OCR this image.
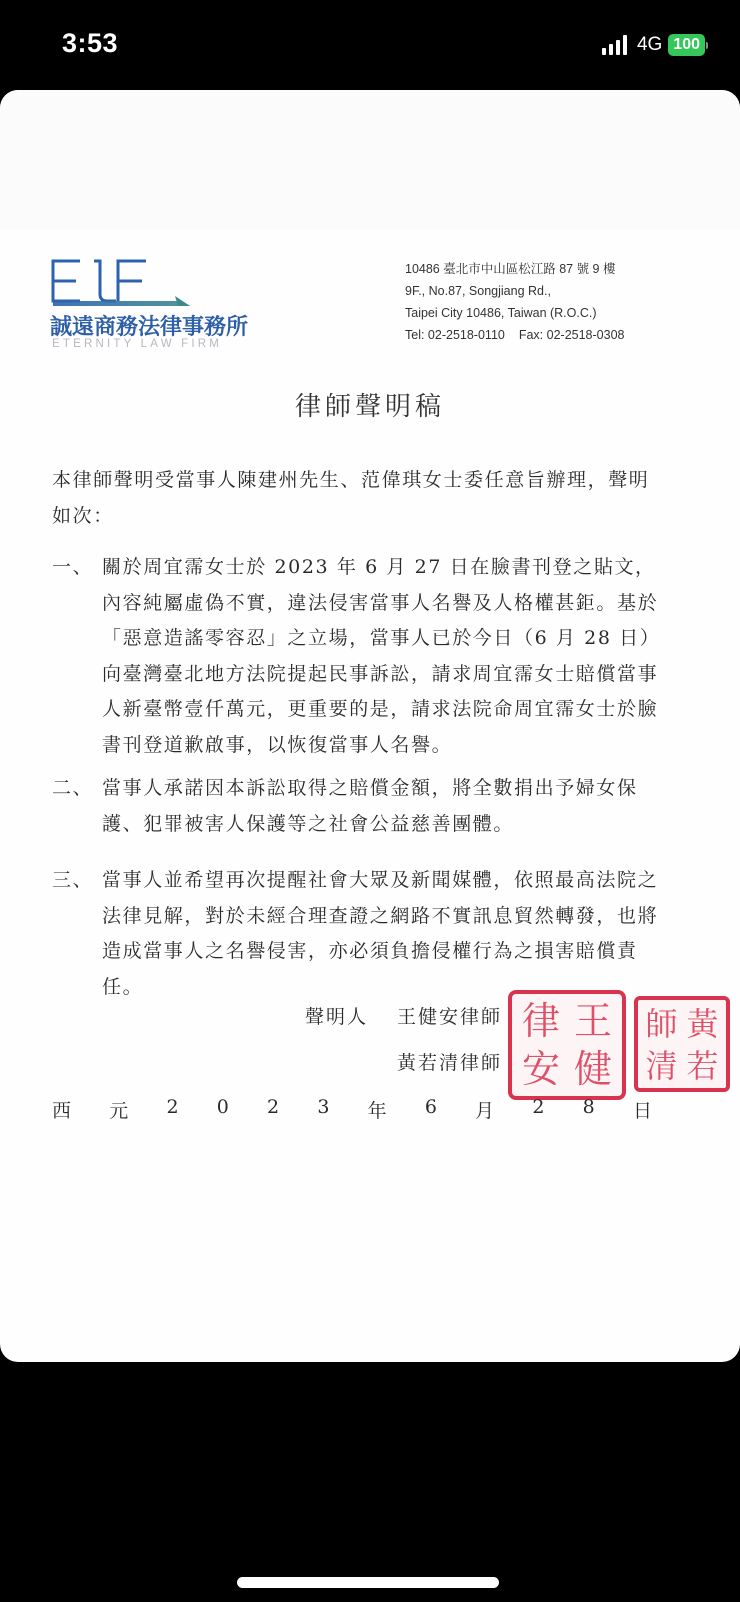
3:53	4G 100
誠遠商務法律事務所
ETERNITY LAW FIRM
10486 臺北市中山區松江路 87 號 9 樓
9F., No.87, Songjiang Rd.,
Taipei City 10486, Taiwan (R.O.C.)
Tel: 02-2518-0110 Fax: 02-2518-0308
律師聲明稿
本律師聲明受當事人陳建州先生、范偉琪女士委任意旨辦理，聲明如次：
一、 關於周宜霈女士於 2023 年 6 月 27 日在臉書刊登之貼文，內容純屬虛偽不實，違法侵害當事人名譽及人格權甚鉅。基於「惡意造謠零容忍」之立場，當事人已於今日（6 月 28 日）向臺灣臺北地方法院提起民事訴訟，請求周宜霈女士賠償當事人新臺幣壹仟萬元，更重要的是，請求法院命周宜霈女士於臉書刊登道歉啟事，以恢復當事人名譽。
二、 當事人承諾因本訴訟取得之賠償金額，將全數捐出予婦女保護、犯罪被害人保護等之社會公益慈善團體。
三、 當事人並希望再次提醒社會大眾及新聞媒體，依照最高法院之法律見解，對於未經合理查證之網路不實訊息貿然轉發，也將造成當事人之名譽侵害，亦必須負擔侵權行為之損害賠償責任。
聲明人 王健安律師
黃若清律師
律 王
安 健
師 黃
清 若
西 元 2 0 2 3 年 6 月 2 8 日
